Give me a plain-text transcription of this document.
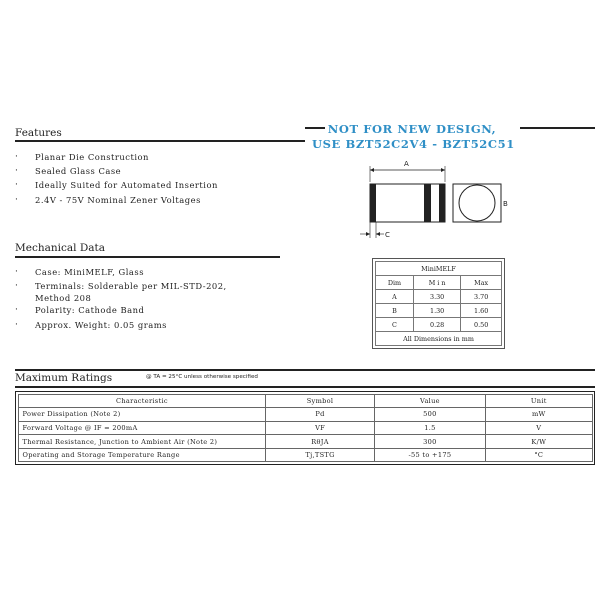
Features	NOT FOR NEW DESIGN,
USE BZT52C2V4 - BZT52C51
· Planar Die Construction
· Sealed Glass Case
· Ideally Suited for Automated Insertion
· 2.4V - 75V Nominal Zener Voltages
Mechanical Data
· Case: MiniMELF, Glass
· Terminals: Solderable per MIL-STD-202,
Method 208
· Polarity: Cathode Band
· Approx. Weight: 0.05 grams
A
C
B
MiniMELF		
Dim	M i n	Max
A	3.30	3.70
B	1.30	1.60
C	0.28	0.50
All Dimensions in mm		
Maximum Ratings	@ TA = 25°C unless otherwise specified
Characteristic	Symbol	Value	Unit
Power Dissipation (Note 2)	Pd	500	mW
Forward Voltage @ IF = 200mA	VF	1.5	V
Thermal Resistance, Junction to Ambient Air (Note 2)	RθJA	300	K/W
Operating and Storage Temperature Range	Tj,TSTG	-55 to +175	°C
